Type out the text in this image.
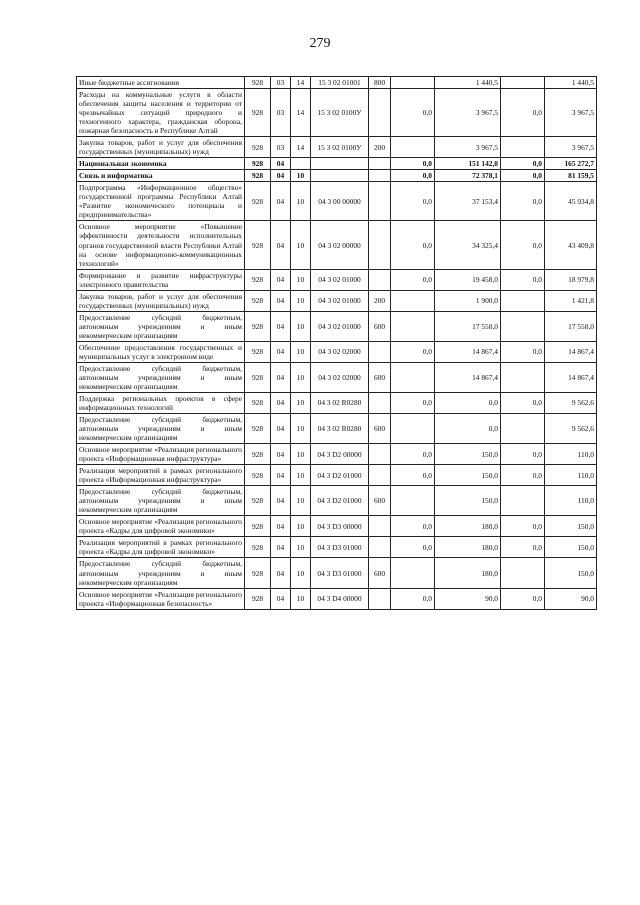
279
Иные бюджетные ассигнования	928	03	14	15 3 02 01001	800		1 440,5		1 440,5
Расходы на коммунальные услуги в области обеспечения защиты населения и территории от чрезвычайных ситуаций природного и техногенного характера, гражданская оборона, пожарная безопасность в Республике Алтай	928	03	14	15 3 02 0100У		0,0	3 967,5	0,0	3 967,5
Закупка товаров, работ и услуг для обеспечения государственных (муниципальных) нужд	928	03	14	15 3 02 0100У	200		3 967,5		3 967,5
Национальная экономика	928	04				0,0	151 142,8	0,0	165 272,7
Связь и информатика	928	04	10			0,0	72 378,1	0,0	81 159,5
Подпрограмма «Информационное общество» государственной программы Республики Алтай «Развитие экономического потенциала и предпринимательства»	928	04	10	04 3 00 00000		0,0	37 153,4	0,0	45 934,8
Основное мероприятие «Повышение эффективности деятельности исполнительных органов государственной власти Республики Алтай на основе информационно-коммуникационных технологий»	928	04	10	04 3 02 00000		0,0	34 325,4	0,0	43 409,8
Формирование и развитие инфраструктуры электронного правительства	928	04	10	04 3 02 01000		0,0	19 458,0	0,0	18 979,8
Закупка товаров, работ и услуг для обеспечения государственных (муниципальных) нужд	928	04	10	04 3 02 01000	200		1 900,0		1 421,8
Предоставление субсидий бюджетным, автономным учреждениям и иным некоммерческим организациям	928	04	10	04 3 02 01000	600		17 558,0		17 558,0
Обеспечение предоставления государственных и муниципальных услуг в электронном виде	928	04	10	04 3 02 02000		0,0	14 867,4	0,0	14 867,4
Предоставление субсидий бюджетным, автономным учреждениям и иным некоммерческим организациям	928	04	10	04 3 02 02000	600		14 867,4		14 867,4
Поддержка региональных проектов в сфере информационных технологий	928	04	10	04 3 02 R0280		0,0	0,0	0,0	9 562,6
Предоставление субсидий бюджетным, автономным учреждениям и иным некоммерческим организациям	928	04	10	04 3 02 R0280	600		0,0		9 562,6
Основное мероприятие «Реализация регионального проекта «Информационная инфраструктура»	928	04	10	04 3 D2 00000		0,0	150,0	0,0	110,0
Реализация мероприятий в рамках регионального проекта «Информационная инфраструктура»	928	04	10	04 3 D2 01000		0,0	150,0	0,0	110,0
Предоставление субсидий бюджетным, автономным учреждениям и иным некоммерческим организациям	928	04	10	04 3 D2 01000	600		150,0		110,0
Основное мероприятие «Реализация регионального проекта «Кадры для цифровой экономики»	928	04	10	04 3 D3 00000		0,0	180,0	0,0	150,0
Реализация мероприятий в рамках регионального проекта «Кадры для цифровой экономики»	928	04	10	04 3 D3 01000		0,0	180,0	0,0	150,0
Предоставление субсидий бюджетным, автономным учреждениям и иным некоммерческим организациям	928	04	10	04 3 D3 01000	600		180,0		150,0
Основное мероприятие «Реализация регионального проекта «Информационная безопасность»	928	04	10	04 3 D4 00000		0,0	90,0	0,0	90,0
